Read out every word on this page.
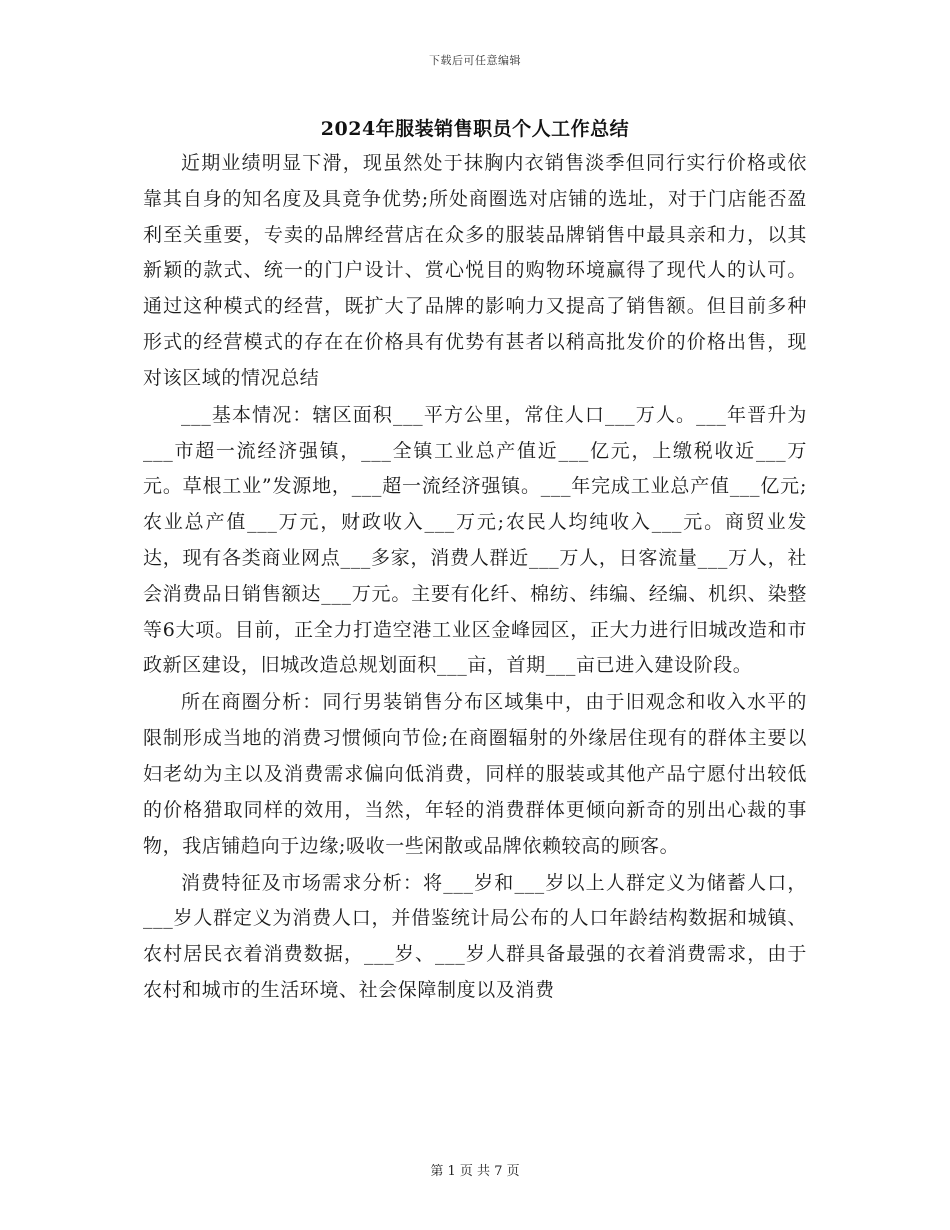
下载后可任意编辑
2024年服装销售职员个人工作总结

近期业绩明显下滑，现虽然处于抹胸内衣销售淡季但同行实行价格或依靠其自身的知名度及具竟争优势;所处商圈选对店铺的选址，对于门店能否盈利至关重要，专卖的品牌经营店在众多的服装品牌销售中最具亲和力，以其新颖的款式、统一的门户设计、赏心悦目的购物环境赢得了现代人的认可。通过这种模式的经营，既扩大了品牌的影响力又提高了销售额。但目前多种形式的经营模式的存在在价格具有优势有甚者以稍高批发价的价格出售，现对该区域的情况总结

___基本情况：辖区面积___平方公里，常住人口___万人。___年晋升为___市超一流经济强镇，___全镇工业总产值近___亿元，上缴税收近___万元。草根工业”发源地，___超一流经济强镇。___年完成工业总产值___亿元;农业总产值___万元，财政收入___万元;农民人均纯收入___元。商贸业发达，现有各类商业网点___多家，消费人群近___万人，日客流量___万人，社会消费品日销售额达___万元。主要有化纤、棉纺、纬编、经编、机织、染整等6大项。目前，正全力打造空港工业区金峰园区，正大力进行旧城改造和市政新区建设，旧城改造总规划面积___亩，首期___亩已进入建设阶段。

所在商圈分析：同行男装销售分布区域集中，由于旧观念和收入水平的限制形成当地的消费习惯倾向节俭;在商圈辐射的外缘居住现有的群体主要以妇老幼为主以及消费需求偏向低消费，同样的服装或其他产品宁愿付出较低的价格猎取同样的效用，当然，年轻的消费群体更倾向新奇的别出心裁的事物，我店铺趋向于边缘;吸收一些闲散或品牌依赖较高的顾客。

消费特征及市场需求分析：将___岁和___岁以上人群定义为储蓄人口，___岁人群定义为消费人口，并借鉴统计局公布的人口年龄结构数据和城镇、农村居民衣着消费数据，___岁、___岁人群具备最强的衣着消费需求，由于农村和城市的生活环境、社会保障制度以及消费

第 1 页 共 7 页
